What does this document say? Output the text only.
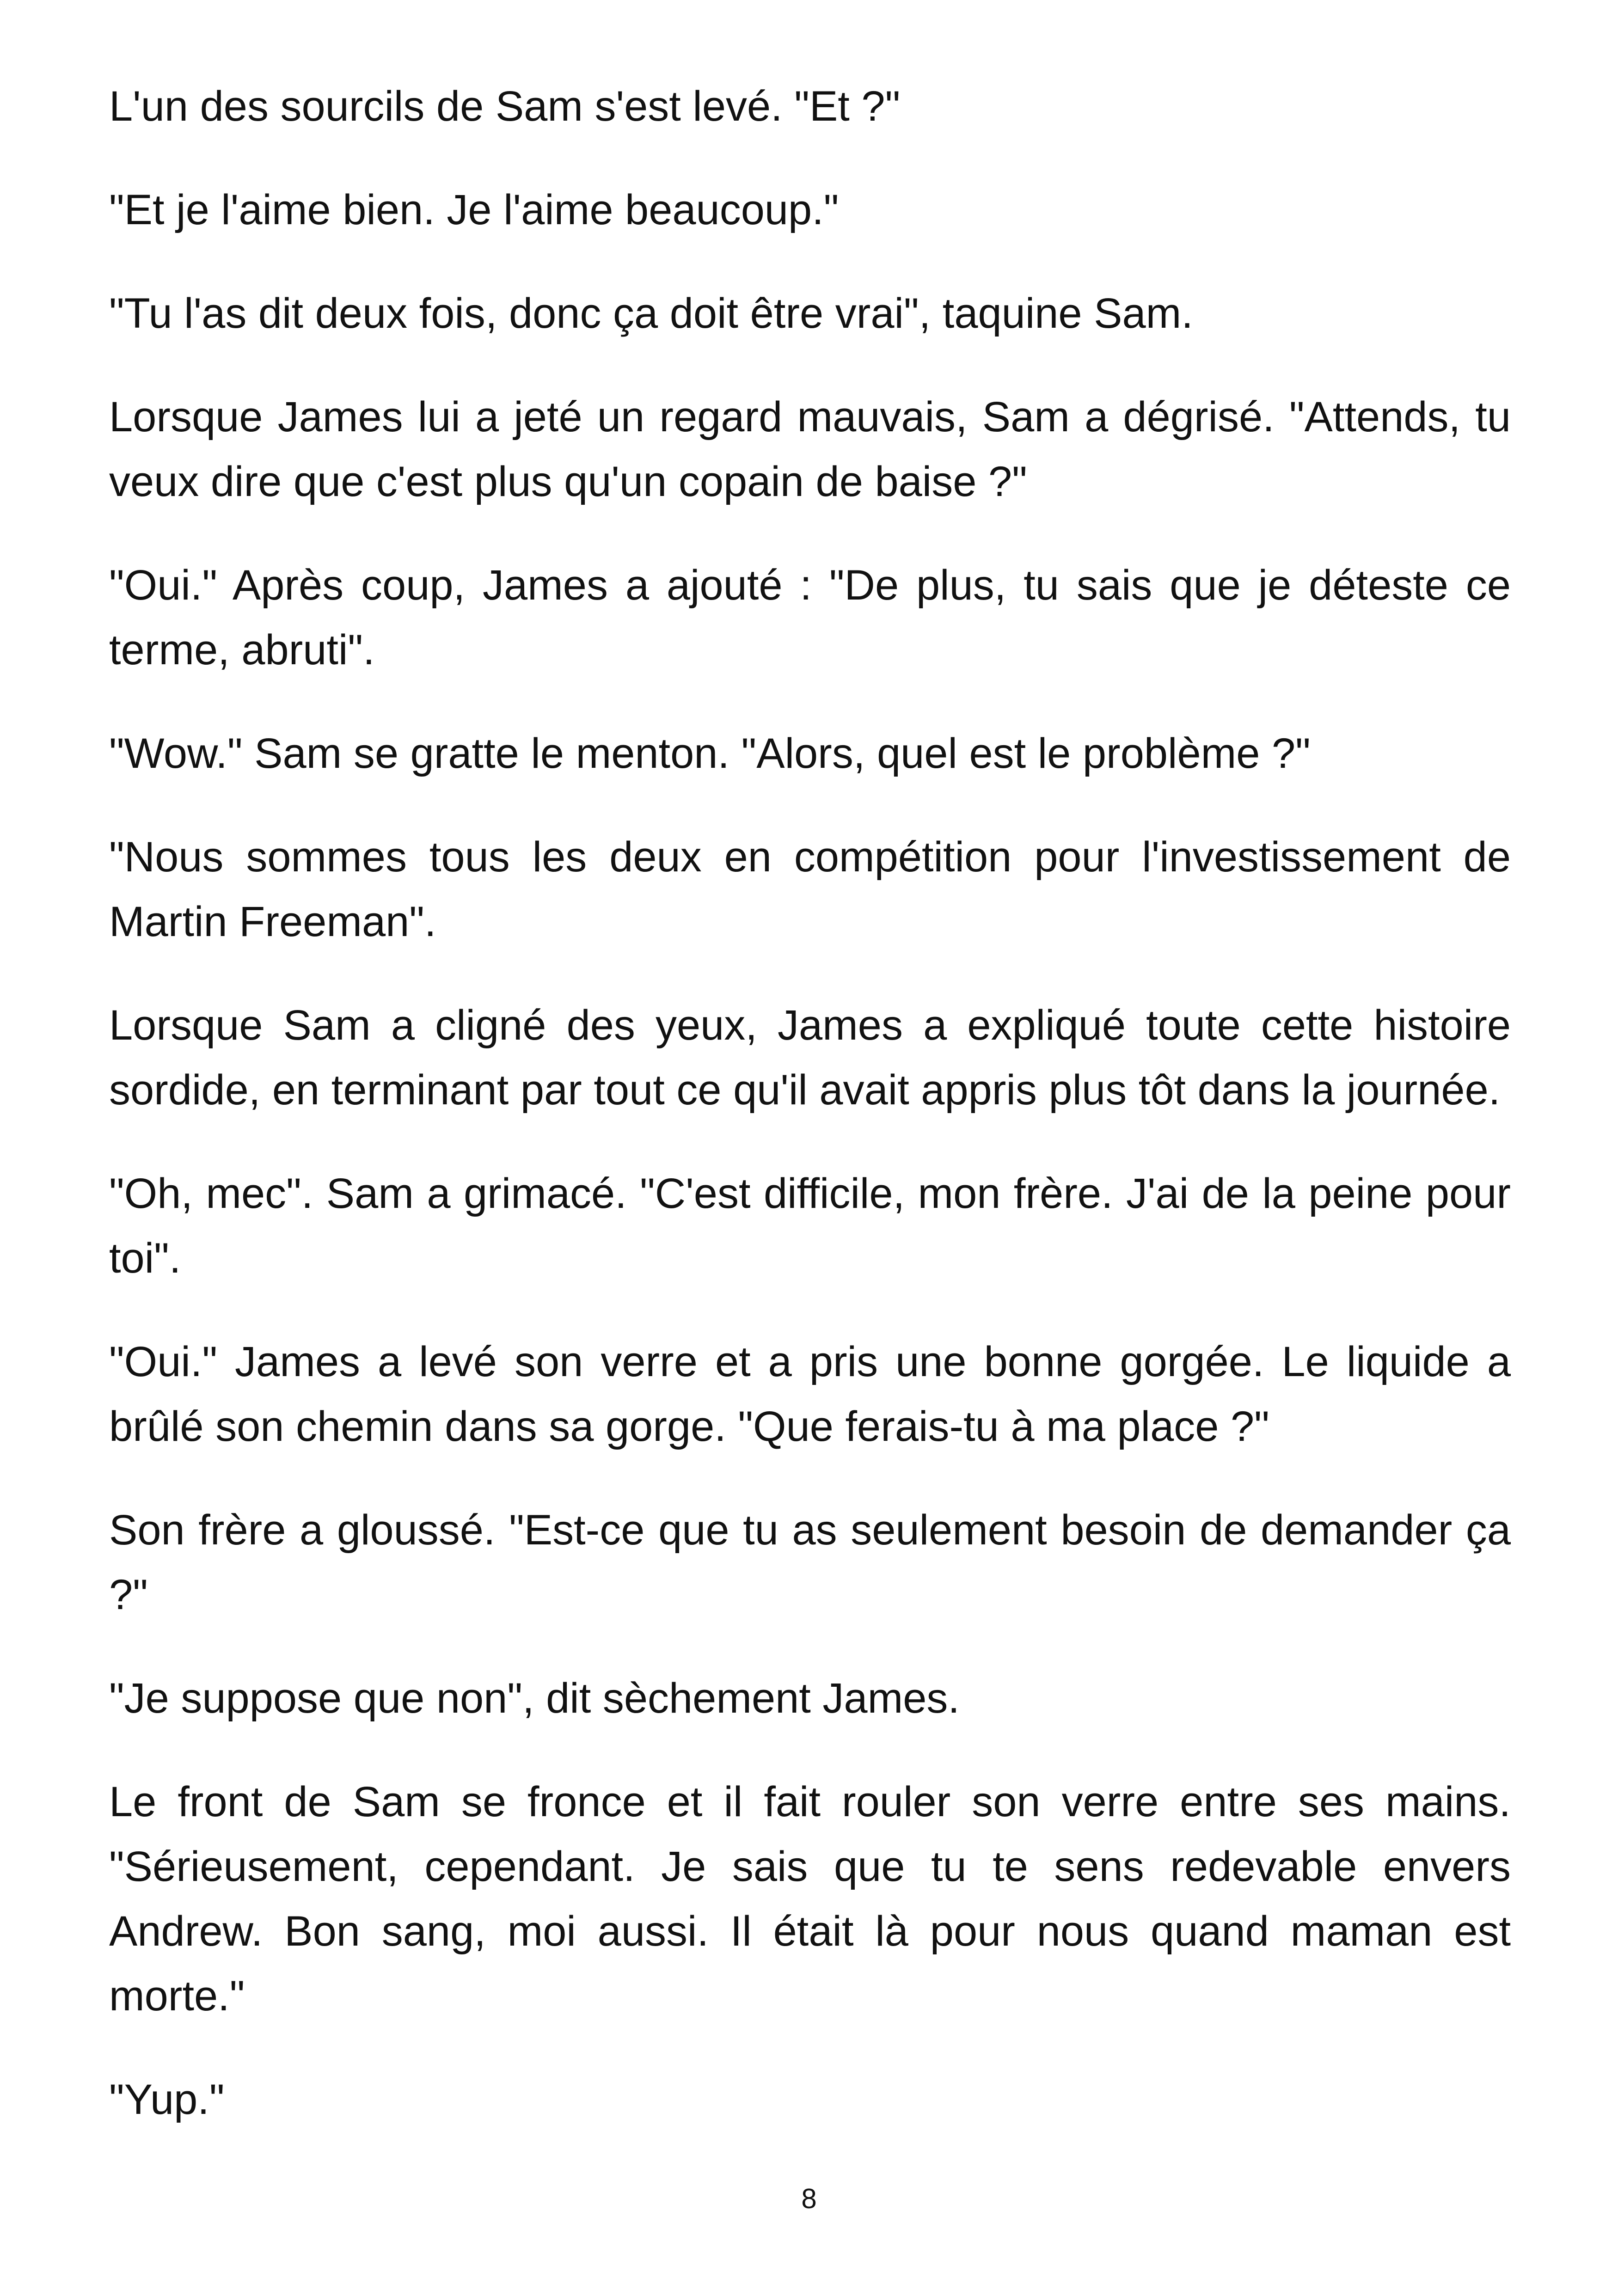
L'un des sourcils de Sam s'est levé. "Et ?"

"Et je l'aime bien. Je l'aime beaucoup."

"Tu l'as dit deux fois, donc ça doit être vrai", taquine Sam.

Lorsque James lui a jeté un regard mauvais, Sam a dégrisé. "Attends, tu veux dire que c'est plus qu'un copain de baise ?"

"Oui." Après coup, James a ajouté : "De plus, tu sais que je déteste ce terme, abruti".

"Wow." Sam se gratte le menton. "Alors, quel est le problème ?"

"Nous sommes tous les deux en compétition pour l'investissement de Martin Freeman".

Lorsque Sam a cligné des yeux, James a expliqué toute cette histoire sordide, en terminant par tout ce qu'il avait appris plus tôt dans la journée.

"Oh, mec". Sam a grimacé. "C'est difficile, mon frère. J'ai de la peine pour toi".

"Oui." James a levé son verre et a pris une bonne gorgée. Le liquide a brûlé son chemin dans sa gorge. "Que ferais-tu à ma place ?"

Son frère a gloussé. "Est-ce que tu as seulement besoin de demander ça ?"

"Je suppose que non", dit sèchement James.

Le front de Sam se fronce et il fait rouler son verre entre ses mains. "Sérieusement, cependant. Je sais que tu te sens redevable envers Andrew. Bon sang, moi aussi. Il était là pour nous quand maman est morte."

"Yup."

8
